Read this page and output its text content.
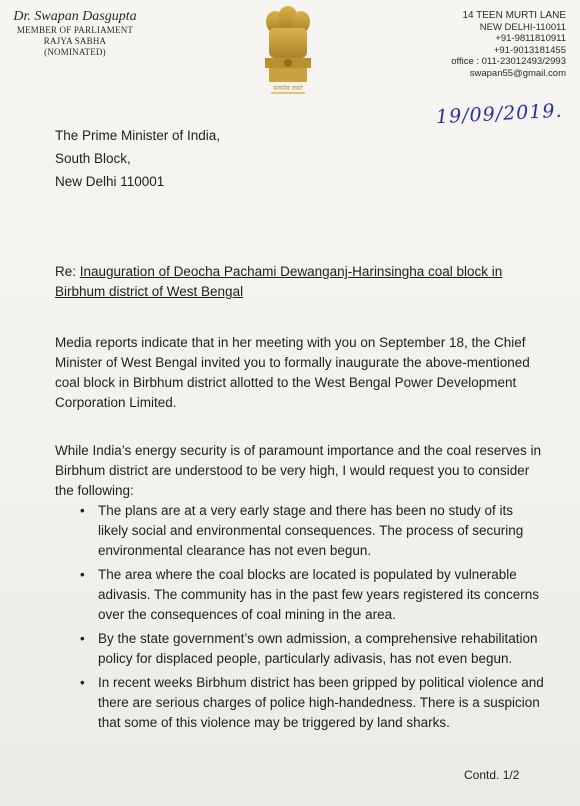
Dr. Swapan Dasgupta
MEMBER OF PARLIAMENT
RAJYA SABHA
(NOMINATED)
सत्यमेव जयते
14 TEEN MURTI LANE
NEW DELHI-110011
+91-9811810911
+91-9013181455
office : 011-23012493/2993
swapan55@gmail.com
19/09/2019.
The Prime Minister of India,
South Block,
New Delhi 110001
Re: Inauguration of Deocha Pachami Dewanganj-Harinsingha coal block in
Birbhum district of West Bengal

Media reports indicate that in her meeting with you on September 18, the Chief Minister of West Bengal invited you to formally inaugurate the above-mentioned coal block in Birbhum district allotted to the West Bengal Power Development Corporation Limited.

While India’s energy security is of paramount importance and the coal reserves in Birbhum district are understood to be very high, I would request you to consider the following:

• The plans are at a very early stage and there has been no study of its likely social and environmental consequences. The process of securing environmental clearance has not even begun.
• The area where the coal blocks are located is populated by vulnerable adivasis. The community has in the past few years registered its concerns over the consequences of coal mining in the area.
• By the state government’s own admission, a comprehensive rehabilitation policy for displaced people, particularly adivasis, has not even begun.
• In recent weeks Birbhum district has been gripped by political violence and there are serious charges of police high-handedness. There is a suspicion that some of this violence may be triggered by land sharks.
Contd. 1/2
